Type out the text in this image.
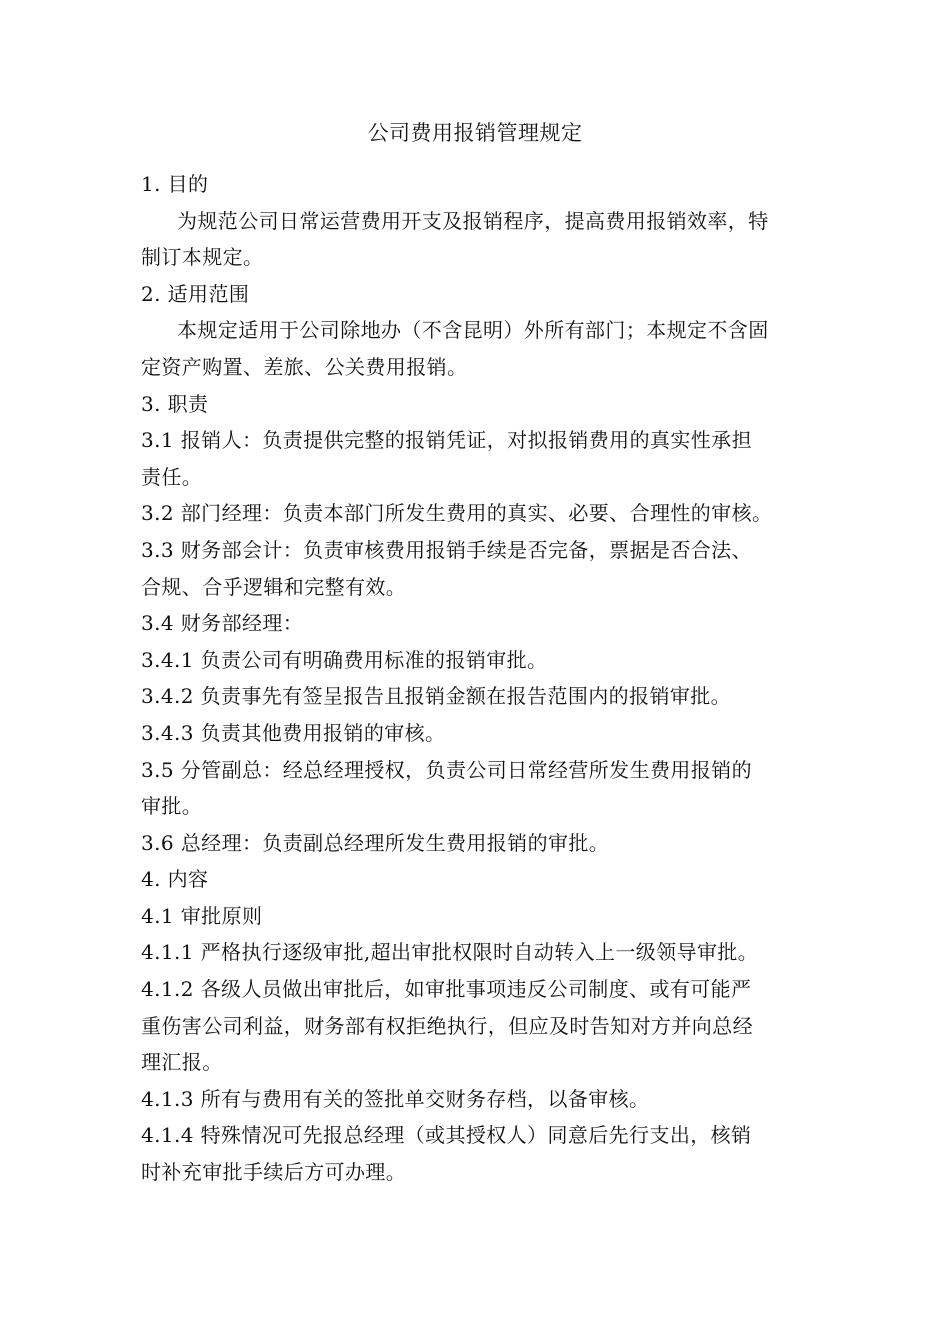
公司费用报销管理规定
1. 目的
为规范公司日常运营费用开支及报销程序，提高费用报销效率，特
制订本规定。
2. 适用范围
本规定适用于公司除地办（不含昆明）外所有部门；本规定不含固
定资产购置、差旅、公关费用报销。
3. 职责
3.1 报销人：负责提供完整的报销凭证，对拟报销费用的真实性承担
责任。
3.2 部门经理：负责本部门所发生费用的真实、必要、合理性的审核。
3.3 财务部会计：负责审核费用报销手续是否完备，票据是否合法、
合规、合乎逻辑和完整有效。
3.4 财务部经理：
3.4.1 负责公司有明确费用标准的报销审批。
3.4.2 负责事先有签呈报告且报销金额在报告范围内的报销审批。
3.4.3 负责其他费用报销的审核。
3.5 分管副总：经总经理授权，负责公司日常经营所发生费用报销的
审批。
3.6 总经理：负责副总经理所发生费用报销的审批。
4. 内容
4.1 审批原则
4.1.1 严格执行逐级审批,超出审批权限时自动转入上一级领导审批。
4.1.2 各级人员做出审批后，如审批事项违反公司制度、或有可能严
重伤害公司利益，财务部有权拒绝执行，但应及时告知对方并向总经
理汇报。
4.1.3 所有与费用有关的签批单交财务存档，以备审核。
4.1.4 特殊情况可先报总经理（或其授权人）同意后先行支出，核销
时补充审批手续后方可办理。
